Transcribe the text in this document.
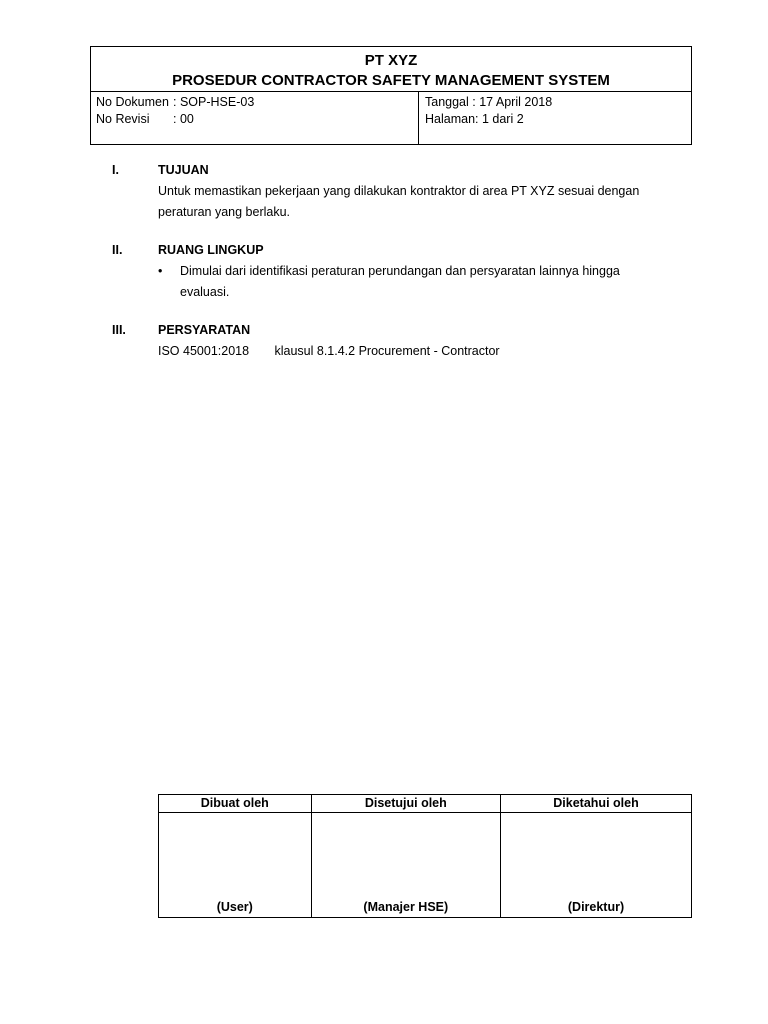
PT XYZ
PROSEDUR CONTRACTOR SAFETY MANAGEMENT SYSTEM
No Dokumen : SOP-HSE-03
No Revisi	: 00
Tanggal : 17 April 2018
Halaman: 1 dari 2
I.	TUJUAN
Untuk memastikan pekerjaan yang dilakukan kontraktor di area PT XYZ sesuai dengan peraturan yang berlaku.
II.	RUANG LINGKUP
•	Dimulai dari identifikasi peraturan perundangan dan persyaratan lainnya hingga evaluasi.
III.	PERSYARATAN
ISO 45001:2018 klausul 8.1.4.2 Procurement - Contractor
Dibuat oleh	Disetujui oleh	Diketahui oleh
(User)	(Manajer HSE)	(Direktur)
